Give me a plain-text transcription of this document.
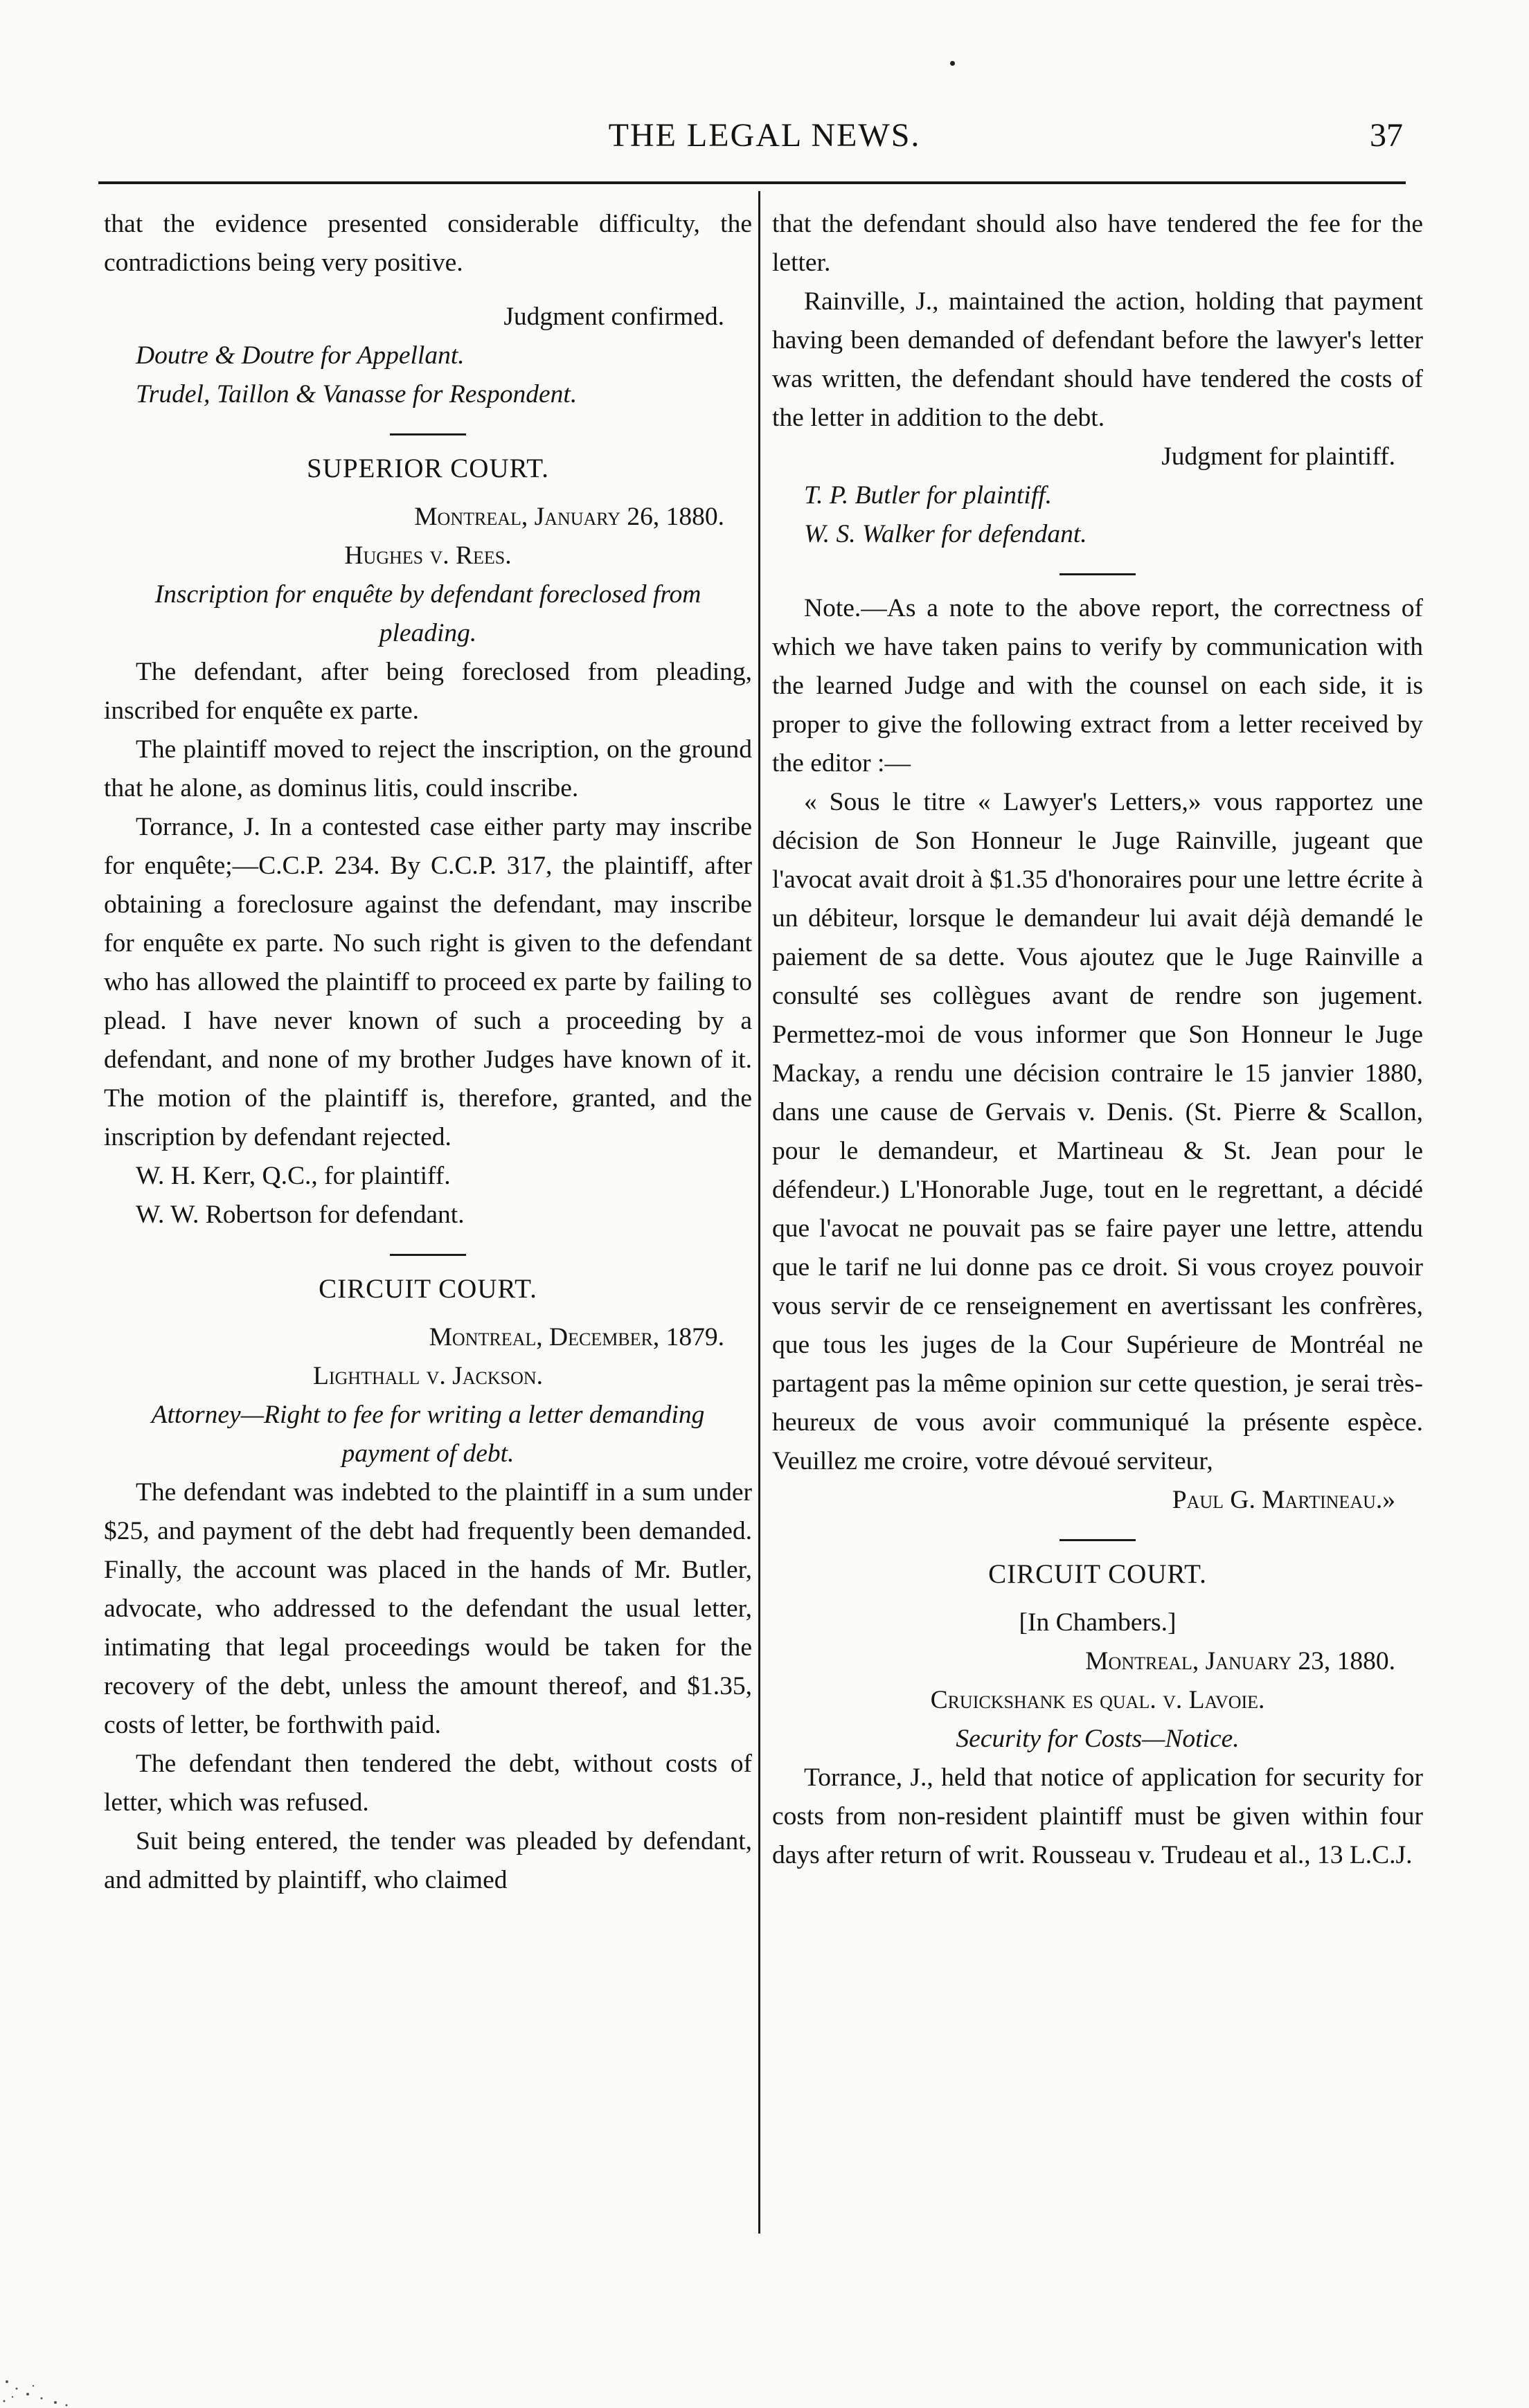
THE LEGAL NEWS.	37

that the evidence presented considerable difficulty, the contradictions being very positive.

Judgment confirmed.

Doutre & Doutre for Appellant.

Trudel, Taillon & Vanasse for Respondent.

SUPERIOR COURT.

Montreal, January 26, 1880.

Hughes v. Rees.

Inscription for enquête by defendant foreclosed from pleading.

The defendant, after being foreclosed from pleading, inscribed for enquête ex parte.

The plaintiff moved to reject the inscription, on the ground that he alone, as dominus litis, could inscribe.

Torrance, J. In a contested case either party may inscribe for enquête;—C.C.P. 234. By C.C.P. 317, the plaintiff, after obtaining a foreclosure against the defendant, may inscribe for enquête ex parte. No such right is given to the defendant who has allowed the plaintiff to proceed ex parte by failing to plead. I have never known of such a proceeding by a defendant, and none of my brother Judges have known of it. The motion of the plaintiff is, therefore, granted, and the inscription by defendant rejected.

W. H. Kerr, Q.C., for plaintiff.

W. W. Robertson for defendant.

CIRCUIT COURT.

Montreal, December, 1879.

Lighthall v. Jackson.

Attorney—Right to fee for writing a letter demanding payment of debt.

The defendant was indebted to the plaintiff in a sum under $25, and payment of the debt had frequently been demanded. Finally, the account was placed in the hands of Mr. Butler, advocate, who addressed to the defendant the usual letter, intimating that legal proceedings would be taken for the recovery of the debt, unless the amount thereof, and $1.35, costs of letter, be forthwith paid.

The defendant then tendered the debt, without costs of letter, which was refused.

Suit being entered, the tender was pleaded by defendant, and admitted by plaintiff, who claimed

that the defendant should also have tendered the fee for the letter.

Rainville, J., maintained the action, holding that payment having been demanded of defendant before the lawyer's letter was written, the defendant should have tendered the costs of the letter in addition to the debt.

Judgment for plaintiff.

T. P. Butler for plaintiff.

W. S. Walker for defendant.

Note.—As a note to the above report, the correctness of which we have taken pains to verify by communication with the learned Judge and with the counsel on each side, it is proper to give the following extract from a letter received by the editor :—

« Sous le titre « Lawyer's Letters,» vous rapportez une décision de Son Honneur le Juge Rainville, jugeant que l'avocat avait droit à $1.35 d'honoraires pour une lettre écrite à un débiteur, lorsque le demandeur lui avait déjà demandé le paiement de sa dette. Vous ajoutez que le Juge Rainville a consulté ses collègues avant de rendre son jugement. Permettez-moi de vous informer que Son Honneur le Juge Mackay, a rendu une décision contraire le 15 janvier 1880, dans une cause de Gervais v. Denis. (St. Pierre & Scallon, pour le demandeur, et Martineau & St. Jean pour le défendeur.) L'Honorable Juge, tout en le regrettant, a décidé que l'avocat ne pouvait pas se faire payer une lettre, attendu que le tarif ne lui donne pas ce droit. Si vous croyez pouvoir vous servir de ce renseignement en avertissant les confrères, que tous les juges de la Cour Supérieure de Montréal ne partagent pas la même opinion sur cette question, je serai très-heureux de vous avoir communiqué la présente espèce. Veuillez me croire, votre dévoué serviteur,

Paul G. Martineau.»

CIRCUIT COURT.

[In Chambers.]

Montreal, January 23, 1880.

Cruickshank es qual. v. Lavoie.

Security for Costs—Notice.

Torrance, J., held that notice of application for security for costs from non-resident plaintiff must be given within four days after return of writ. Rousseau v. Trudeau et al., 13 L.C.J.
